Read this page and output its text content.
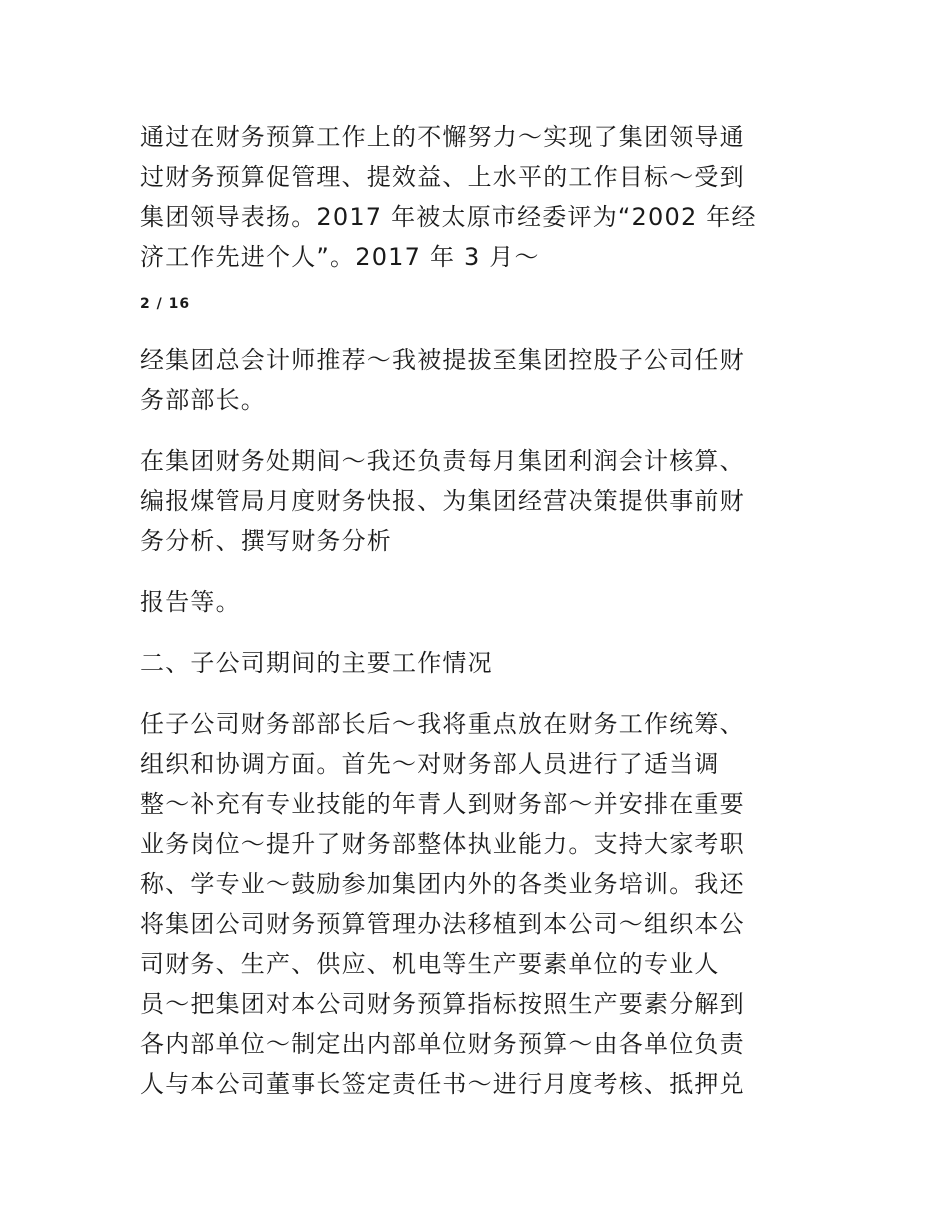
通过在财务预算工作上的不懈努力～实现了集团领导通
过财务预算促管理、提效益、上水平的工作目标～受到
集团领导表扬。2017 年被太原市经委评为“2002 年经
济工作先进个人”。2017 年 3 月～
2 / 16
经集团总会计师推荐～我被提拔至集团控股子公司任财
务部部长。
在集团财务处期间～我还负责每月集团利润会计核算、
编报煤管局月度财务快报、为集团经营决策提供事前财
务分析、撰写财务分析
报告等。
二、子公司期间的主要工作情况
任子公司财务部部长后～我将重点放在财务工作统筹、
组织和协调方面。首先～对财务部人员进行了适当调
整～补充有专业技能的年青人到财务部～并安排在重要
业务岗位～提升了财务部整体执业能力。支持大家考职
称、学专业～鼓励参加集团内外的各类业务培训。我还
将集团公司财务预算管理办法移植到本公司～组织本公
司财务、生产、供应、机电等生产要素单位的专业人
员～把集团对本公司财务预算指标按照生产要素分解到
各内部单位～制定出内部单位财务预算～由各单位负责
人与本公司董事长签定责任书～进行月度考核、抵押兑
